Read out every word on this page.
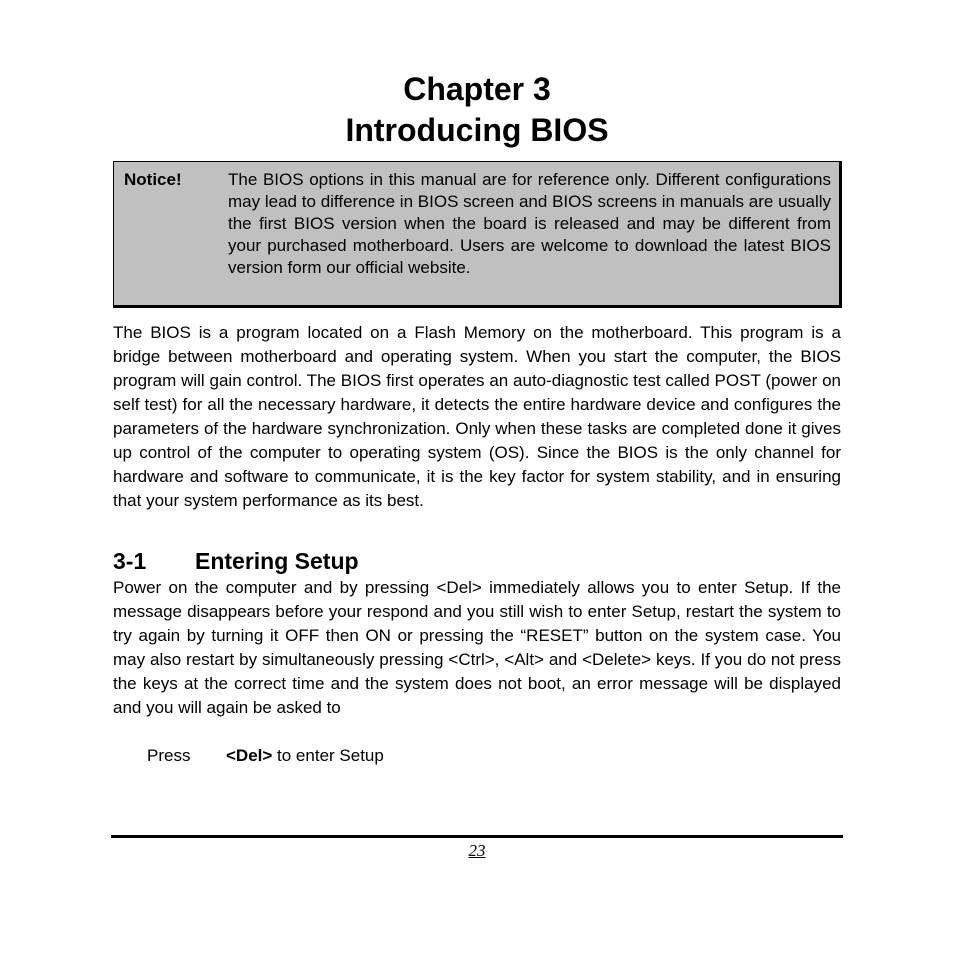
Chapter 3
Introducing BIOS
Notice!	The BIOS options in this manual are for reference only. Different configurations may lead to difference in BIOS screen and BIOS screens in manuals are usually the first BIOS version when the board is released and may be different from your purchased motherboard. Users are welcome to download the latest BIOS version form our official website.

The BIOS is a program located on a Flash Memory on the motherboard. This program is a bridge between motherboard and operating system. When you start the computer, the BIOS program will gain control. The BIOS first operates an auto-diagnostic test called POST (power on self test) for all the necessary hardware, it detects the entire hardware device and configures the parameters of the hardware synchronization. Only when these tasks are completed done it gives up control of the computer to operating system (OS). Since the BIOS is the only channel for hardware and software to communicate, it is the key factor for system stability, and in ensuring that your system performance as its best.

3-1 Entering Setup

Power on the computer and by pressing <Del> immediately allows you to enter Setup. If the message disappears before your respond and you still wish to enter Setup, restart the system to try again by turning it OFF then ON or pressing the “RESET” button on the system case. You may also restart by simultaneously pressing <Ctrl>, <Alt> and <Delete> keys. If you do not press the keys at the correct time and the system does not boot, an error message will be displayed and you will again be asked to

Press <Del> to enter Setup
23
